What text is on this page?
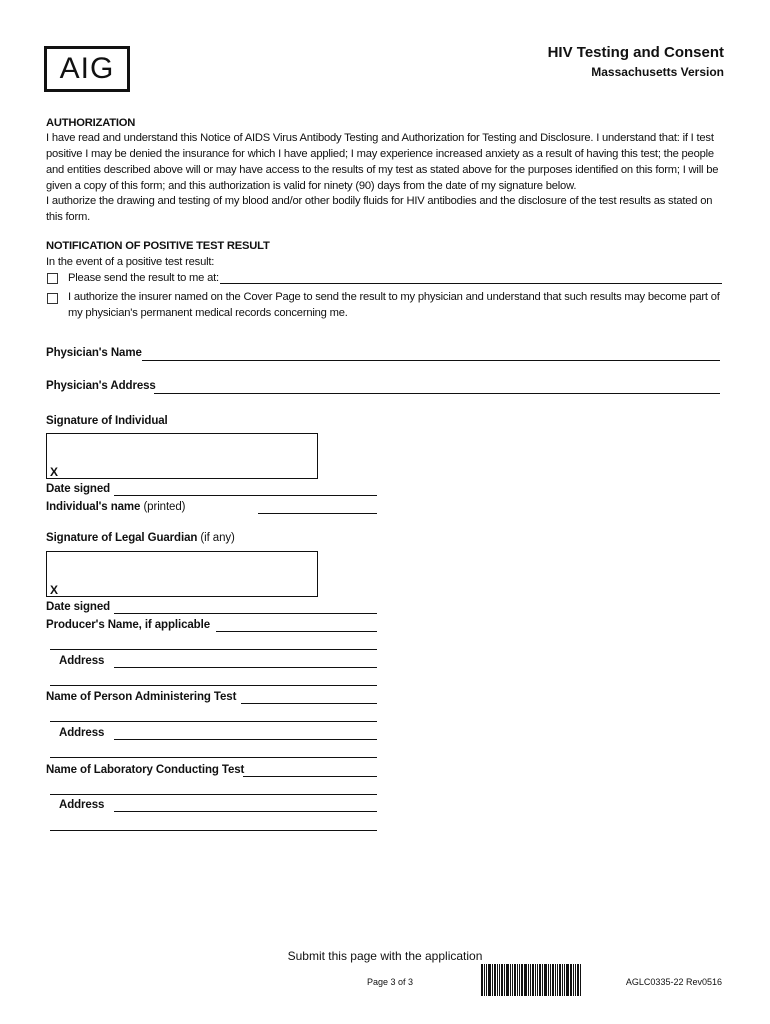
AIG	HIV Testing and Consent
Massachusetts Version
AUTHORIZATION
I have read and understand this Notice of AIDS Virus Antibody Testing and Authorization for Testing and Disclosure. I understand that: if I test positive I may be denied the insurance for which I have applied; I may experience increased anxiety as a result of having this test; the people and entities described above will or may have access to the results of my test as stated above for the purposes identified on this form; I will be given a copy of this form; and this authorization is valid for ninety (90) days from the date of my signature below.
I authorize the drawing and testing of my blood and/or other bodily fluids for HIV antibodies and the disclosure of the test results as stated on this form.
NOTIFICATION OF POSITIVE TEST RESULT
In the event of a positive test result:
Please send the result to me at:
I authorize the insurer named on the Cover Page to send the result to my physician and understand that such results may become part of my physician's permanent medical records concerning me.
Physician's Name
Physician's Address
Signature of Individual
X
Date signed
Individual's name (printed)
Signature of Legal Guardian (if any)
X
Date signed
Producer's Name, if applicable
Address
Name of Person Administering Test
Address
Name of Laboratory Conducting Test
Address
Submit this page with the application
Page 3 of 3	AGLC0335-22 Rev0516
